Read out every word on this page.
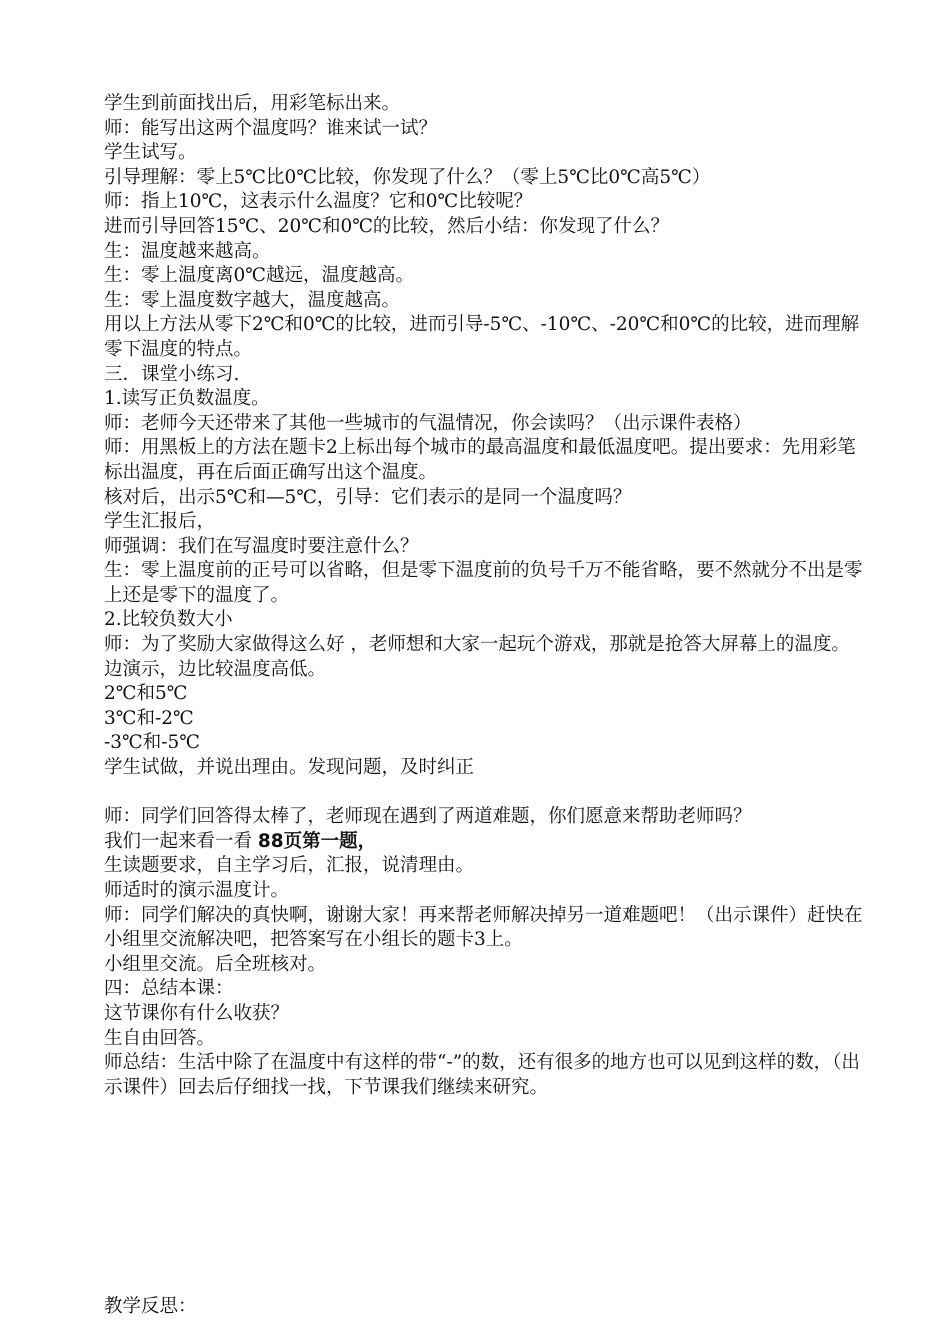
学生到前面找出后，用彩笔标出来。
师：能写出这两个温度吗？谁来试一试？
学生试写。
引导理解：零上5℃比0℃比较，你发现了什么？（零上5℃比0℃高5℃）
师：指上10℃，这表示什么温度？它和0℃比较呢？
进而引导回答15℃、20℃和0℃的比较，然后小结：你发现了什么？
生：温度越来越高。
生：零上温度离0℃越远，温度越高。
生：零上温度数字越大，温度越高。
用以上方法从零下2℃和0℃的比较，进而引导-5℃、-10℃、-20℃和0℃的比较，进而理解零下温度的特点。
三．课堂小练习.
1.读写正负数温度。
师：老师今天还带来了其他一些城市的气温情况，你会读吗？（出示课件表格）
师：用黑板上的方法在题卡2上标出每个城市的最高温度和最低温度吧。提出要求：先用彩笔标出温度，再在后面正确写出这个温度。
核对后，出示5℃和—5℃，引导：它们表示的是同一个温度吗？
学生汇报后，
师强调：我们在写温度时要注意什么？
生：零上温度前的正号可以省略，但是零下温度前的负号千万不能省略，要不然就分不出是零上还是零下的温度了。
2.比较负数大小
师：为了奖励大家做得这么好 ，老师想和大家一起玩个游戏，那就是抢答大屏幕上的温度。
边演示，边比较温度高低。
2℃和5℃
3℃和-2℃
-3℃和-5℃
学生试做，并说出理由。发现问题，及时纠正
师：同学们回答得太棒了，老师现在遇到了两道难题，你们愿意来帮助老师吗？
我们一起来看一看 88页第一题，
生读题要求，自主学习后，汇报，说清理由。
师适时的演示温度计。
师：同学们解决的真快啊，谢谢大家！再来帮老师解决掉另一道难题吧！（出示课件）赶快在小组里交流解决吧，把答案写在小组长的题卡3上。
小组里交流。后全班核对。
四：总结本课：
这节课你有什么收获？
生自由回答。
师总结：生活中除了在温度中有这样的带“-”的数，还有很多的地方也可以见到这样的数，（出示课件）回去后仔细找一找，下节课我们继续来研究。
教学反思：
